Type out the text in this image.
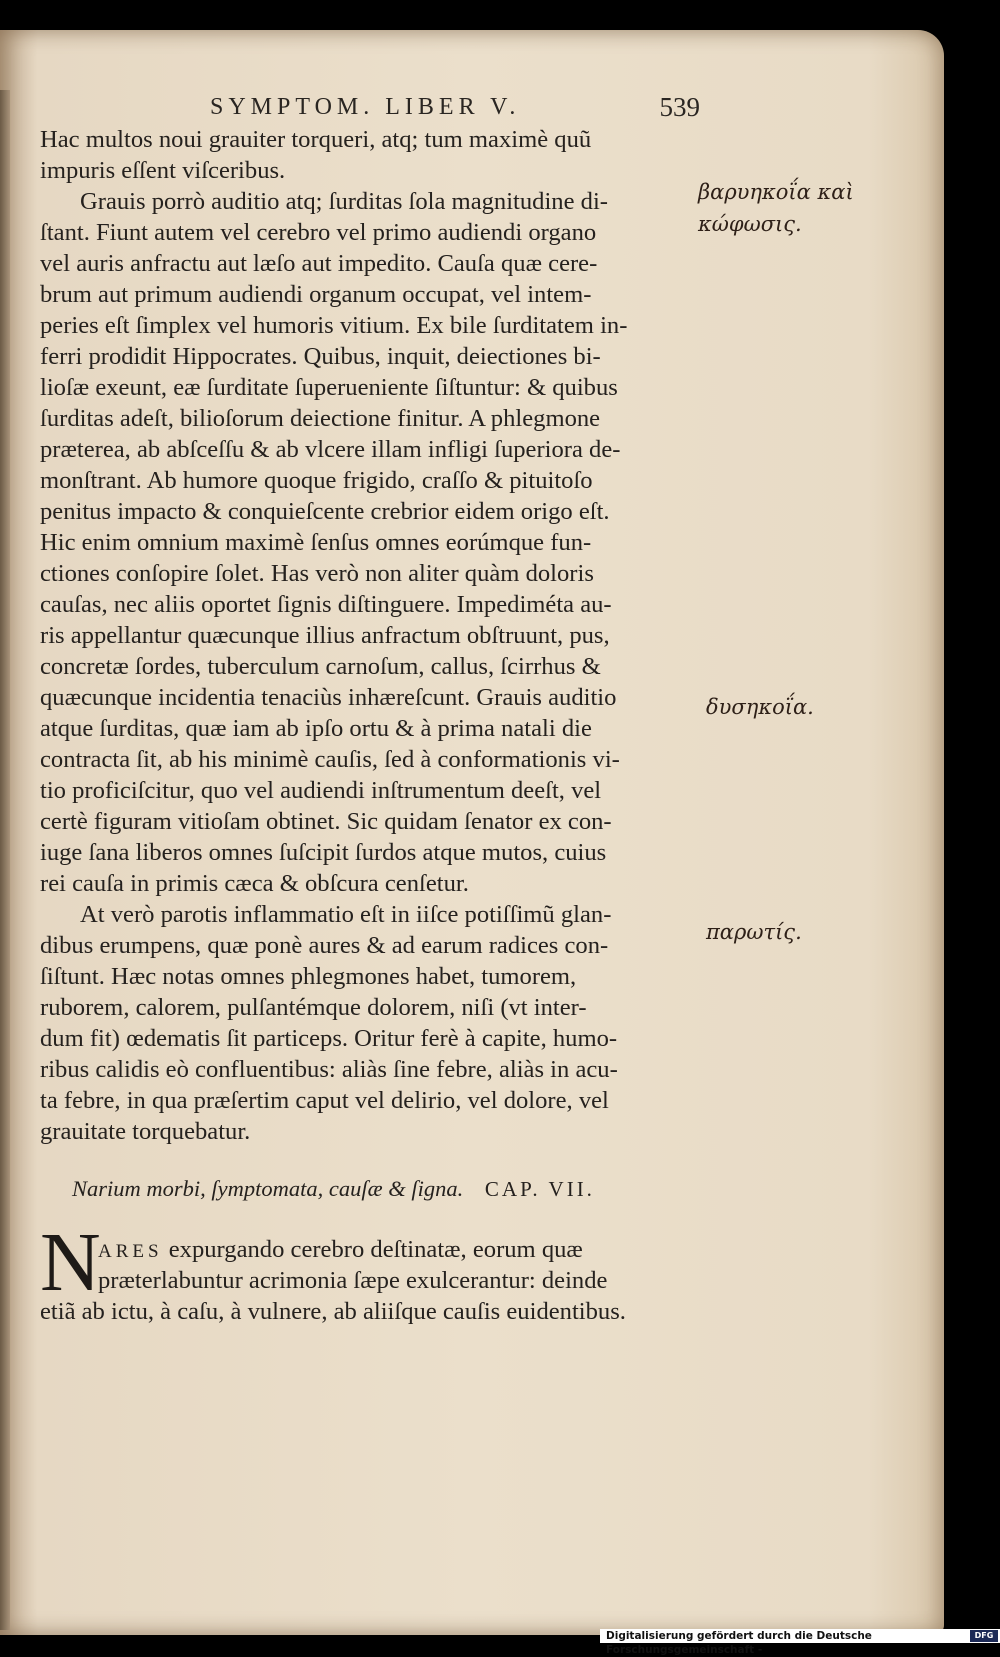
SYMPTOM. LIBER V.	539
Hac multos noui grauiter torqueri, atq; tum maximè quũ
impuris eſſent viſceribus.
Grauis porrò auditio atq; ſurditas ſola magnitudine di-
ſtant. Fiunt autem vel cerebro vel primo audiendi organo
vel auris anfractu aut læſo aut impedito. Cauſa quæ cere-
brum aut primum audiendi organum occupat, vel intem-
peries eſt ſimplex vel humoris vitium. Ex bile ſurditatem in-
ferri prodidit Hippocrates. Quibus, inquit, deiectiones bi-
lioſæ exeunt, eæ ſurditate ſuperueniente ſiſtuntur: & quibus
ſurditas adeſt, bilioſorum deiectione finitur. A phlegmone
præterea, ab abſceſſu & ab vlcere illam infligi ſuperiora de-
monſtrant. Ab humore quoque frigido, craſſo & pituitoſo
penitus impacto & conquieſcente crebrior eidem origo eſt.
Hic enim omnium maximè ſenſus omnes eorúmque fun-
ctiones conſopire ſolet. Has verò non aliter quàm doloris
cauſas, nec aliis oportet ſignis diſtinguere. Impediméta au-
ris appellantur quæcunque illius anfractum obſtruunt, pus,
concretæ ſordes, tuberculum carnoſum, callus, ſcirrhus &
quæcunque incidentia tenaciùs inhæreſcunt. Grauis auditio
atque ſurditas, quæ iam ab ipſo ortu & à prima natali die
contracta ſit, ab his minimè cauſis, ſed à conformationis vi-
tio proficiſcitur, quo vel audiendi inſtrumentum deeſt, vel
certè figuram vitioſam obtinet. Sic quidam ſenator ex con-
iuge ſana liberos omnes ſuſcipit ſurdos atque mutos, cuius
rei cauſa in primis cæca & obſcura cenſetur.
At verò parotis inflammatio eſt in iiſce potiſſimũ glan-
dibus erumpens, quæ ponè aures & ad earum radices con-
ſiſtunt. Hæc notas omnes phlegmones habet, tumorem,
ruborem, calorem, pulſantémque dolorem, niſi (vt inter-
dum fit) œdematis ſit particeps. Oritur ferè à capite, humo-
ribus calidis eò confluentibus: aliàs ſine febre, aliàs in acu-
ta febre, in qua præſertim caput vel delirio, vel dolore, vel
grauitate torquebatur.
Narium morbi, ſymptomata, cauſæ & ſigna. CAP. VII.
N
ARES expurgando cerebro deſtinatæ, eorum quæ
præterlabuntur acrimonia ſæpe exulcerantur: deinde
etiã ab ictu, à caſu, à vulnere, ab aliiſque cauſis euidentibus.
βαρυηκοΐα καὶ
κώφωσις.
δυσηκοΐα.
παρωτίς.
Digitalisierung gefördert durch die Deutsche Forschungsgemeinschaft -
DFG
